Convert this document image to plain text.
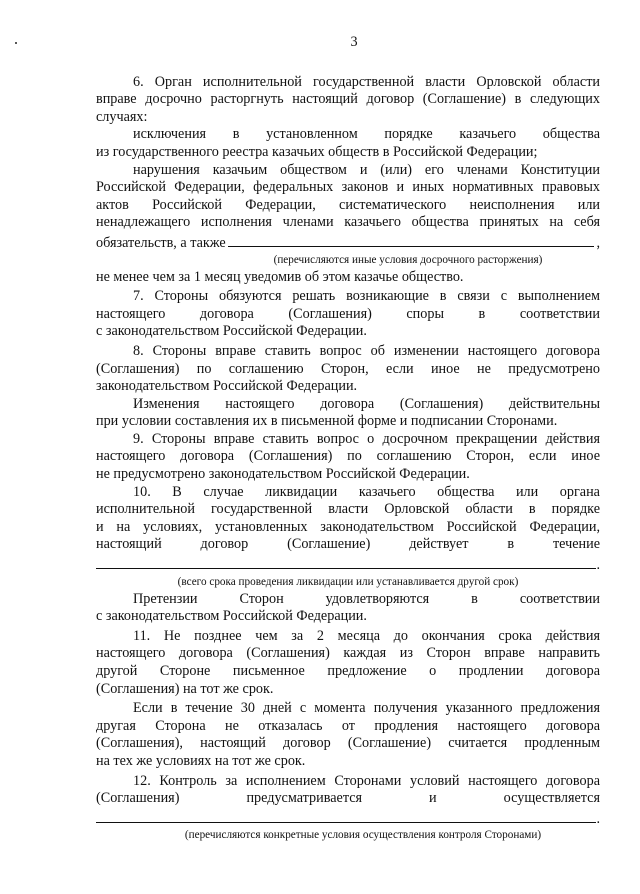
3
6. Орган исполнительной государственной власти Орловской области
вправе досрочно расторгнуть настоящий договор (Соглашение) в следующих
случаях:
исключения в установленном порядке казачьего общества
из государственного реестра казачьих обществ в Российской Федерации;
нарушения казачьим обществом и (или) его членами Конституции
Российской Федерации, федеральных законов и иных нормативных правовых
актов Российской Федерации, систематического неисполнения или
ненадлежащего исполнения членами казачьего общества принятых на себя
обязательств, а также	,
(перечисляются иные условия досрочного расторжения)
не менее чем за 1 месяц уведомив об этом казачье общество.
7. Стороны обязуются решать возникающие в связи с выполнением
настоящего договора (Соглашения) споры в соответствии
с законодательством Российской Федерации.
8. Стороны вправе ставить вопрос об изменении настоящего договора
(Соглашения) по соглашению Сторон, если иное не предусмотрено
законодательством Российской Федерации.
Изменения настоящего договора (Соглашения) действительны
при условии составления их в письменной форме и подписании Сторонами.
9. Стороны вправе ставить вопрос о досрочном прекращении действия
настоящего договора (Соглашения) по соглашению Сторон, если иное
не предусмотрено законодательством Российской Федерации.
10. В случае ликвидации казачьего общества или органа
исполнительной государственной власти Орловской области в порядке
и на условиях, установленных законодательством Российской Федерации,
настоящий договор (Соглашение) действует в течение
.
(всего срока проведения ликвидации или устанавливается другой срок)
Претензии Сторон удовлетворяются в соответствии
с законодательством Российской Федерации.
11. Не позднее чем за 2 месяца до окончания срока действия
настоящего договора (Соглашения) каждая из Сторон вправе направить
другой Стороне письменное предложение о продлении договора
(Соглашения) на тот же срок.
Если в течение 30 дней с момента получения указанного предложения
другая Сторона не отказалась от продления настоящего договора
(Соглашения), настоящий договор (Соглашение) считается продленным
на тех же условиях на тот же срок.
12. Контроль за исполнением Сторонами условий настоящего договора
(Соглашения) предусматривается и осуществляется
.
(перечисляются конкретные условия осуществления контроля Сторонами)
